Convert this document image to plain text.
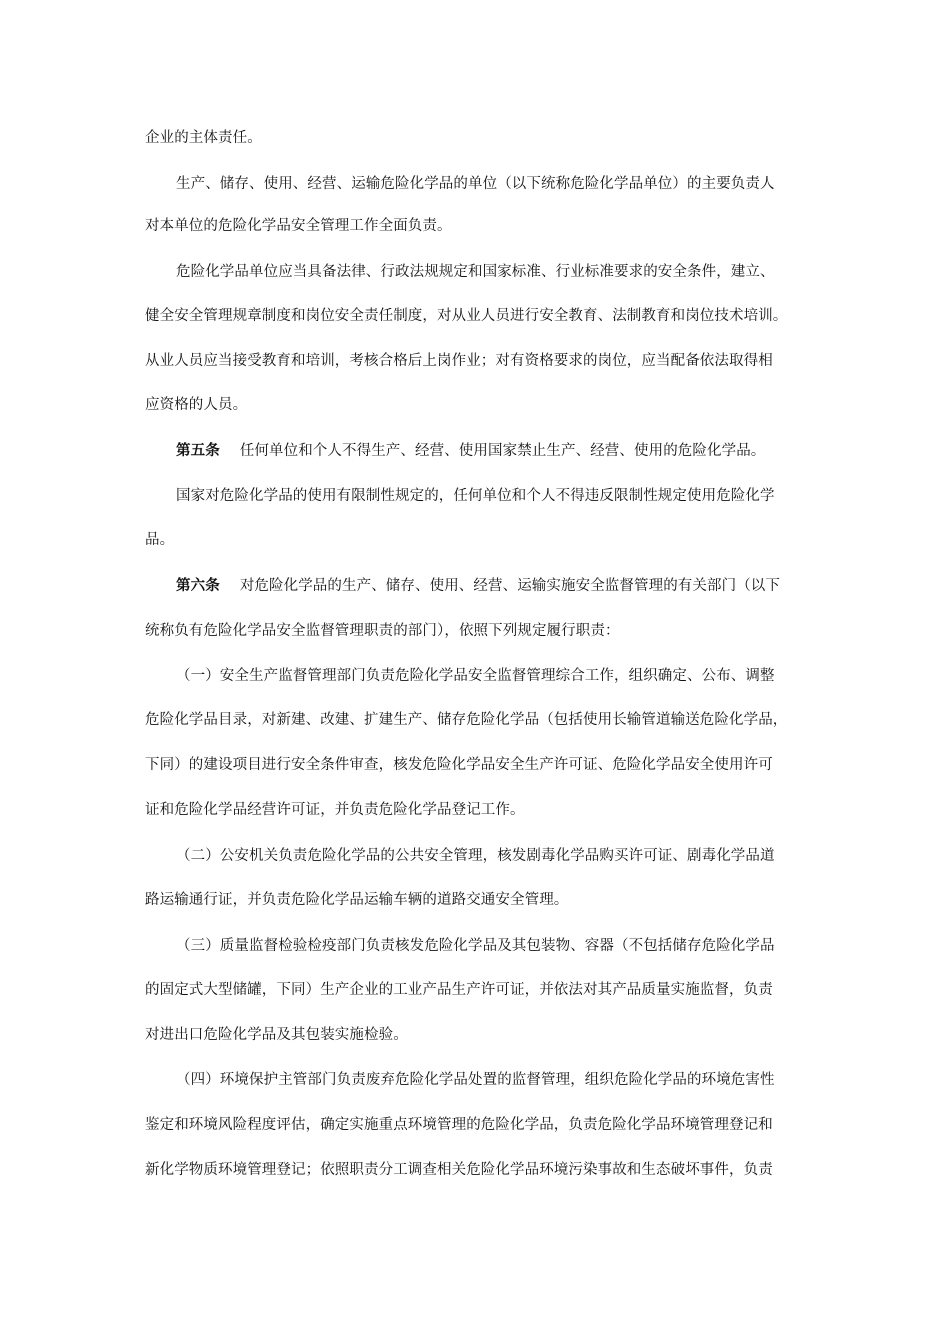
企业的主体责任。
生产、储存、使用、经营、运输危险化学品的单位（以下统称危险化学品单位）的主要负责人
对本单位的危险化学品安全管理工作全面负责。
危险化学品单位应当具备法律、行政法规规定和国家标准、行业标准要求的安全条件，建立、
健全安全管理规章制度和岗位安全责任制度，对从业人员进行安全教育、法制教育和岗位技术培训。
从业人员应当接受教育和培训，考核合格后上岗作业；对有资格要求的岗位，应当配备依法取得相
应资格的人员。
第五条 任何单位和个人不得生产、经营、使用国家禁止生产、经营、使用的危险化学品。
国家对危险化学品的使用有限制性规定的，任何单位和个人不得违反限制性规定使用危险化学
品。
第六条 对危险化学品的生产、储存、使用、经营、运输实施安全监督管理的有关部门（以下
统称负有危险化学品安全监督管理职责的部门），依照下列规定履行职责：
（一）安全生产监督管理部门负责危险化学品安全监督管理综合工作，组织确定、公布、调整
危险化学品目录，对新建、改建、扩建生产、储存危险化学品（包括使用长输管道输送危险化学品，
下同）的建设项目进行安全条件审查，核发危险化学品安全生产许可证、危险化学品安全使用许可
证和危险化学品经营许可证，并负责危险化学品登记工作。
（二）公安机关负责危险化学品的公共安全管理，核发剧毒化学品购买许可证、剧毒化学品道
路运输通行证，并负责危险化学品运输车辆的道路交通安全管理。
（三）质量监督检验检疫部门负责核发危险化学品及其包装物、容器（不包括储存危险化学品
的固定式大型储罐，下同）生产企业的工业产品生产许可证，并依法对其产品质量实施监督，负责
对进出口危险化学品及其包装实施检验。
（四）环境保护主管部门负责废弃危险化学品处置的监督管理，组织危险化学品的环境危害性
鉴定和环境风险程度评估，确定实施重点环境管理的危险化学品，负责危险化学品环境管理登记和
新化学物质环境管理登记；依照职责分工调查相关危险化学品环境污染事故和生态破坏事件，负责
